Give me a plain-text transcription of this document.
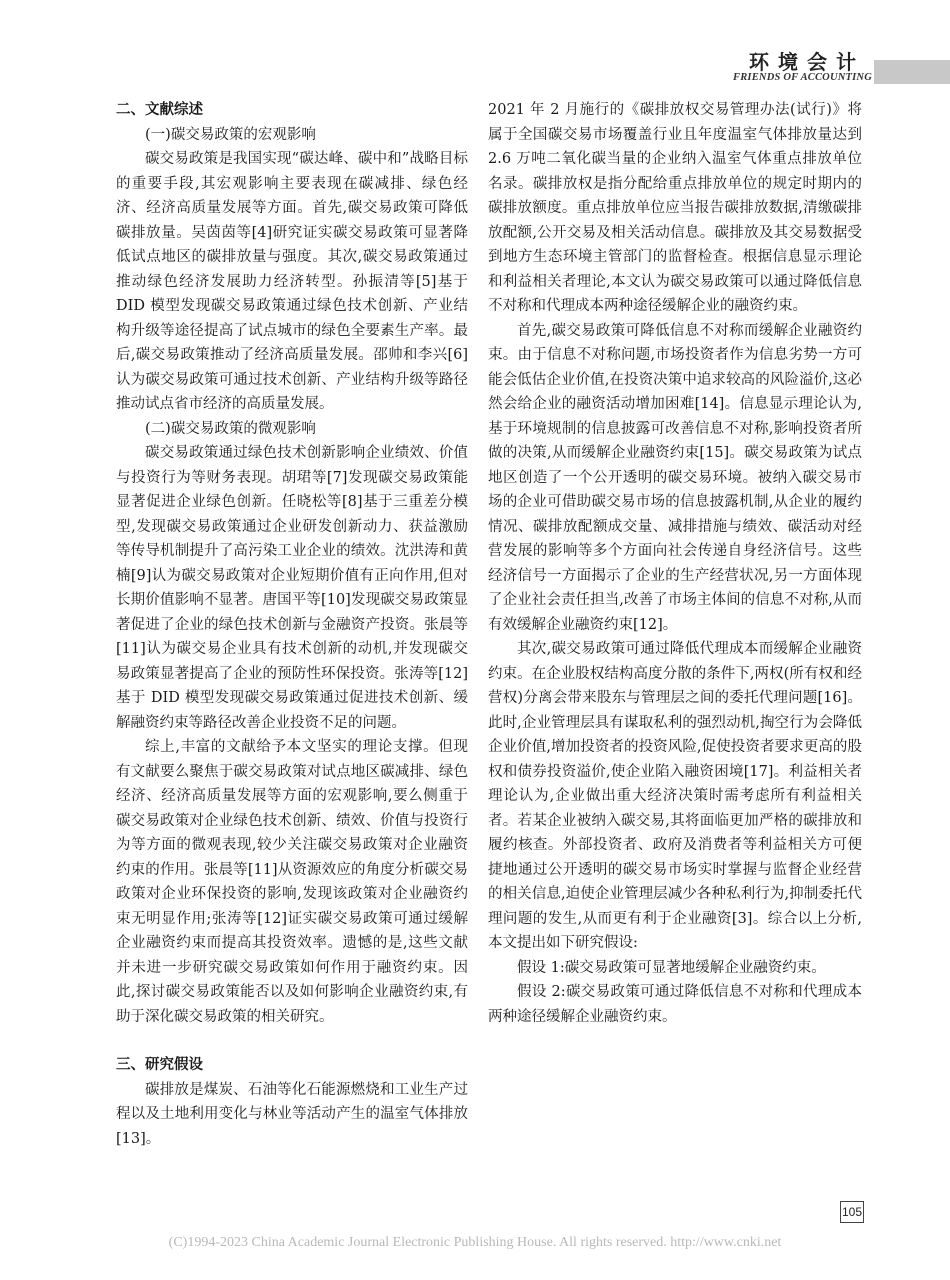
环境会计
FRIENDS OF ACCOUNTING
二、文献综述
(一)碳交易政策的宏观影响

碳交易政策是我国实现“碳达峰、碳中和”战略目标的重要手段,其宏观影响主要表现在碳减排、绿色经济、经济高质量发展等方面。首先,碳交易政策可降低碳排放量。吴茵茵等[4]研究证实碳交易政策可显著降低试点地区的碳排放量与强度。其次,碳交易政策通过推动绿色经济发展助力经济转型。孙振清等[5]基于 DID 模型发现碳交易政策通过绿色技术创新、产业结构升级等途径提高了试点城市的绿色全要素生产率。最后,碳交易政策推动了经济高质量发展。邵帅和李兴[6]认为碳交易政策可通过技术创新、产业结构升级等路径推动试点省市经济的高质量发展。

(二)碳交易政策的微观影响

碳交易政策通过绿色技术创新影响企业绩效、价值与投资行为等财务表现。胡珺等[7]发现碳交易政策能显著促进企业绿色创新。任晓松等[8]基于三重差分模型,发现碳交易政策通过企业研发创新动力、获益激励等传导机制提升了高污染工业企业的绩效。沈洪涛和黄楠[9]认为碳交易政策对企业短期价值有正向作用,但对长期价值影响不显著。唐国平等[10]发现碳交易政策显著促进了企业的绿色技术创新与金融资产投资。张晨等[11]认为碳交易企业具有技术创新的动机,并发现碳交易政策显著提高了企业的预防性环保投资。张涛等[12]基于 DID 模型发现碳交易政策通过促进技术创新、缓解融资约束等路径改善企业投资不足的问题。

综上,丰富的文献给予本文坚实的理论支撑。但现有文献要么聚焦于碳交易政策对试点地区碳减排、绿色经济、经济高质量发展等方面的宏观影响,要么侧重于碳交易政策对企业绿色技术创新、绩效、价值与投资行为等方面的微观表现,较少关注碳交易政策对企业融资约束的作用。张晨等[11]从资源效应的角度分析碳交易政策对企业环保投资的影响,发现该政策对企业融资约束无明显作用;张涛等[12]证实碳交易政策可通过缓解企业融资约束而提高其投资效率。遗憾的是,这些文献并未进一步研究碳交易政策如何作用于融资约束。因此,探讨碳交易政策能否以及如何影响企业融资约束,有助于深化碳交易政策的相关研究。

三、研究假设

碳排放是煤炭、石油等化石能源燃烧和工业生产过程以及土地利用变化与林业等活动产生的温室气体排放[13]。

2021 年 2 月施行的《碳排放权交易管理办法(试行)》将属于全国碳交易市场覆盖行业且年度温室气体排放量达到 2.6 万吨二氧化碳当量的企业纳入温室气体重点排放单位名录。碳排放权是指分配给重点排放单位的规定时期内的碳排放额度。重点排放单位应当报告碳排放数据,清缴碳排放配额,公开交易及相关活动信息。碳排放及其交易数据受到地方生态环境主管部门的监督检查。根据信息显示理论和利益相关者理论,本文认为碳交易政策可以通过降低信息不对称和代理成本两种途径缓解企业的融资约束。

首先,碳交易政策可降低信息不对称而缓解企业融资约束。由于信息不对称问题,市场投资者作为信息劣势一方可能会低估企业价值,在投资决策中追求较高的风险溢价,这必然会给企业的融资活动增加困难[14]。信息显示理论认为,基于环境规制的信息披露可改善信息不对称,影响投资者所做的决策,从而缓解企业融资约束[15]。碳交易政策为试点地区创造了一个公开透明的碳交易环境。被纳入碳交易市场的企业可借助碳交易市场的信息披露机制,从企业的履约情况、碳排放配额成交量、减排措施与绩效、碳活动对经营发展的影响等多个方面向社会传递自身经济信号。这些经济信号一方面揭示了企业的生产经营状况,另一方面体现了企业社会责任担当,改善了市场主体间的信息不对称,从而有效缓解企业融资约束[12]。

其次,碳交易政策可通过降低代理成本而缓解企业融资约束。在企业股权结构高度分散的条件下,两权(所有权和经营权)分离会带来股东与管理层之间的委托代理问题[16]。此时,企业管理层具有谋取私利的强烈动机,掏空行为会降低企业价值,增加投资者的投资风险,促使投资者要求更高的股权和债券投资溢价,使企业陷入融资困境[17]。利益相关者理论认为,企业做出重大经济决策时需考虑所有利益相关者。若某企业被纳入碳交易,其将面临更加严格的碳排放和履约核查。外部投资者、政府及消费者等利益相关方可便捷地通过公开透明的碳交易市场实时掌握与监督企业经营的相关信息,迫使企业管理层减少各种私利行为,抑制委托代理问题的发生,从而更有利于企业融资[3]。综合以上分析,本文提出如下研究假设:

假设 1:碳交易政策可显著地缓解企业融资约束。

假设 2:碳交易政策可通过降低信息不对称和代理成本两种途径缓解企业融资约束。

105
(C)1994-2023 China Academic Journal Electronic Publishing House. All rights reserved. http://www.cnki.net
